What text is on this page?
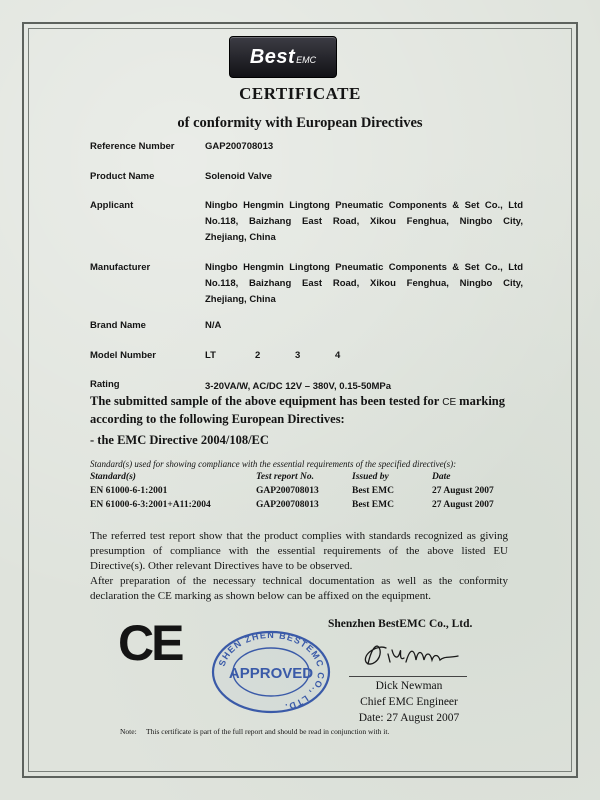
BestEMC
CERTIFICATE
of conformity with European Directives
Reference Number	GAP200708013
Product Name	Solenoid Valve
Applicant	Ningbo Hengmin Lingtong Pneumatic Components & Set Co., Ltd
No.118, Baizhang East Road, Xikou Fenghua, Ningbo City,
Zhejiang, China
Manufacturer	Ningbo Hengmin Lingtong Pneumatic Components & Set Co., Ltd
No.118, Baizhang East Road, Xikou Fenghua, Ningbo City,
Zhejiang, China
Brand Name	N/A
Model Number	LT	2	3	4
Rating	3-20VA/W, AC/DC 12V – 380V, 0.15-50MPa
The submitted sample of the above equipment has been tested for CE marking
according to the following European Directives:
- the EMC Directive 2004/108/EC
Standard(s) used for showing compliance with the essential requirements of the specified directive(s):
Standard(s)	Test report No.	Issued by	Date
EN 61000-6-1:2001	GAP200708013	Best EMC	27 August 2007
EN 61000-6-3:2001+A11:2004	GAP200708013	Best EMC	27 August 2007
The referred test report show that the product complies with standards recognized as giving
presumption of compliance with the essential requirements of the above listed EU
Directive(s). Other relevant Directives have to be observed.
After preparation of the necessary technical documentation as well as the conformity
declaration the CE marking as shown below can be affixed on the equipment.
CE	Shenzhen BestEMC Co., Ltd.
SHEN ZHEN BESTEMC CO., LTD.
APPROVED
Dick Newman
Chief EMC Engineer
Date: 27 August 2007
Note: This certificate is part of the full report and should be read in conjunction with it.
